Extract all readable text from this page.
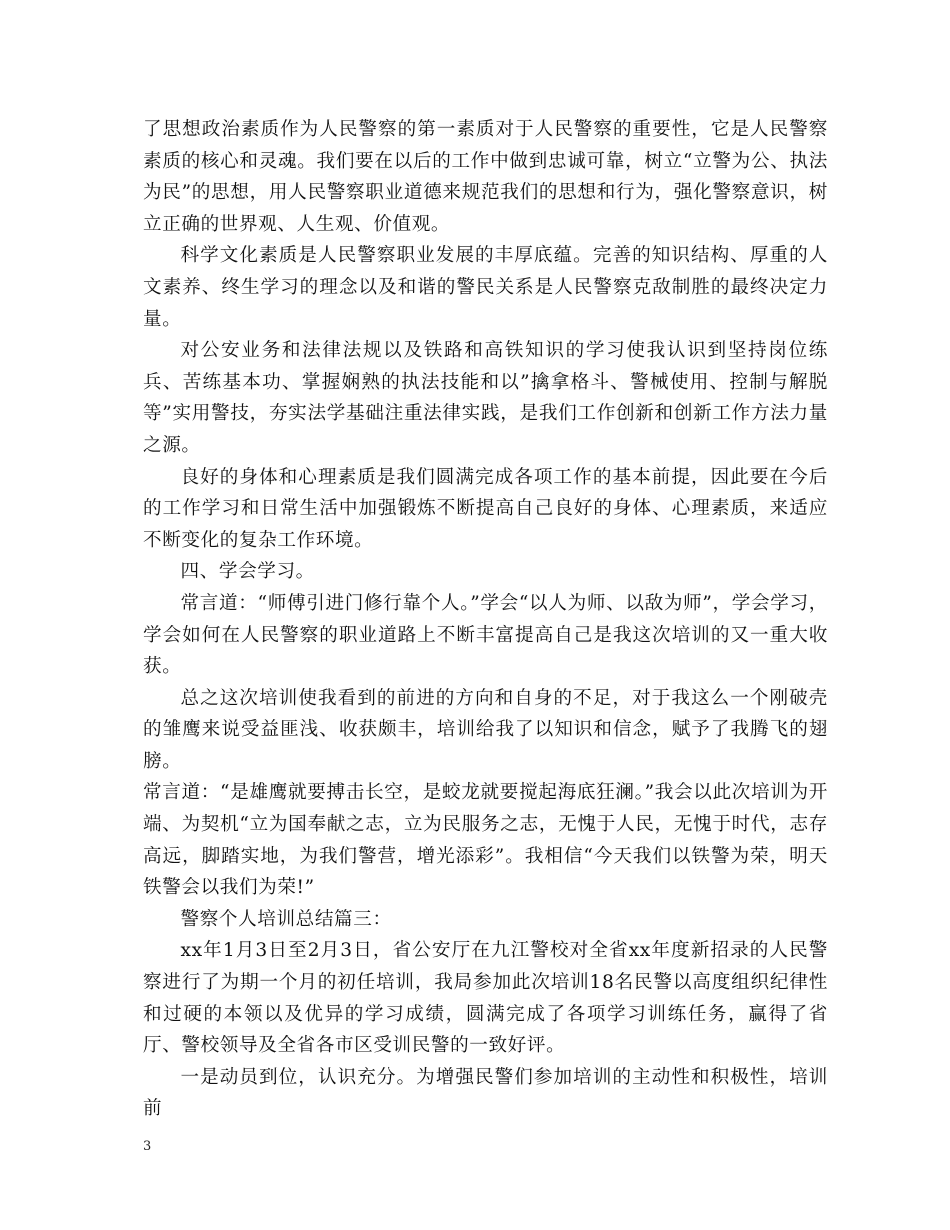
了思想政治素质作为人民警察的第一素质对于人民警察的重要性，它是人民警察素质的核心和灵魂。我们要在以后的工作中做到忠诚可靠，树立“立警为公、执法为民”的思想，用人民警察职业道德来规范我们的思想和行为，强化警察意识，树立正确的世界观、人生观、价值观。

科学文化素质是人民警察职业发展的丰厚底蕴。完善的知识结构、厚重的人文素养、终生学习的理念以及和谐的警民关系是人民警察克敌制胜的最终决定力量。

对公安业务和法律法规以及铁路和高铁知识的学习使我认识到坚持岗位练兵、苦练基本功、掌握娴熟的执法技能和以”擒拿格斗、警械使用、控制与解脱等”实用警技，夯实法学基础注重法律实践，是我们工作创新和创新工作方法力量之源。

良好的身体和心理素质是我们圆满完成各项工作的基本前提，因此要在今后的工作学习和日常生活中加强锻炼不断提高自己良好的身体、心理素质，来适应不断变化的复杂工作环境。

四、学会学习。

常言道：“师傅引进门修行靠个人。”学会“以人为师、以敌为师”，学会学习，学会如何在人民警察的职业道路上不断丰富提高自己是我这次培训的又一重大收获。

总之这次培训使我看到的前进的方向和自身的不足，对于我这么一个刚破壳的雏鹰来说受益匪浅、收获颇丰，培训给我了以知识和信念，赋予了我腾飞的翅膀。

常言道：“是雄鹰就要搏击长空，是蛟龙就要搅起海底狂澜。”我会以此次培训为开端、为契机“立为国奉献之志，立为民服务之志，无愧于人民，无愧于时代，志存高远，脚踏实地，为我们警营，增光添彩”。我相信“今天我们以铁警为荣，明天铁警会以我们为荣!”

警察个人培训总结篇三：

xx年1月3日至2月3日，省公安厅在九江警校对全省xx年度新招录的人民警察进行了为期一个月的初任培训，我局参加此次培训18名民警以高度组织纪律性和过硬的本领以及优异的学习成绩，圆满完成了各项学习训练任务，赢得了省厅、警校领导及全省各市区受训民警的一致好评。

一是动员到位，认识充分。为增强民警们参加培训的主动性和积极性，培训前

3
